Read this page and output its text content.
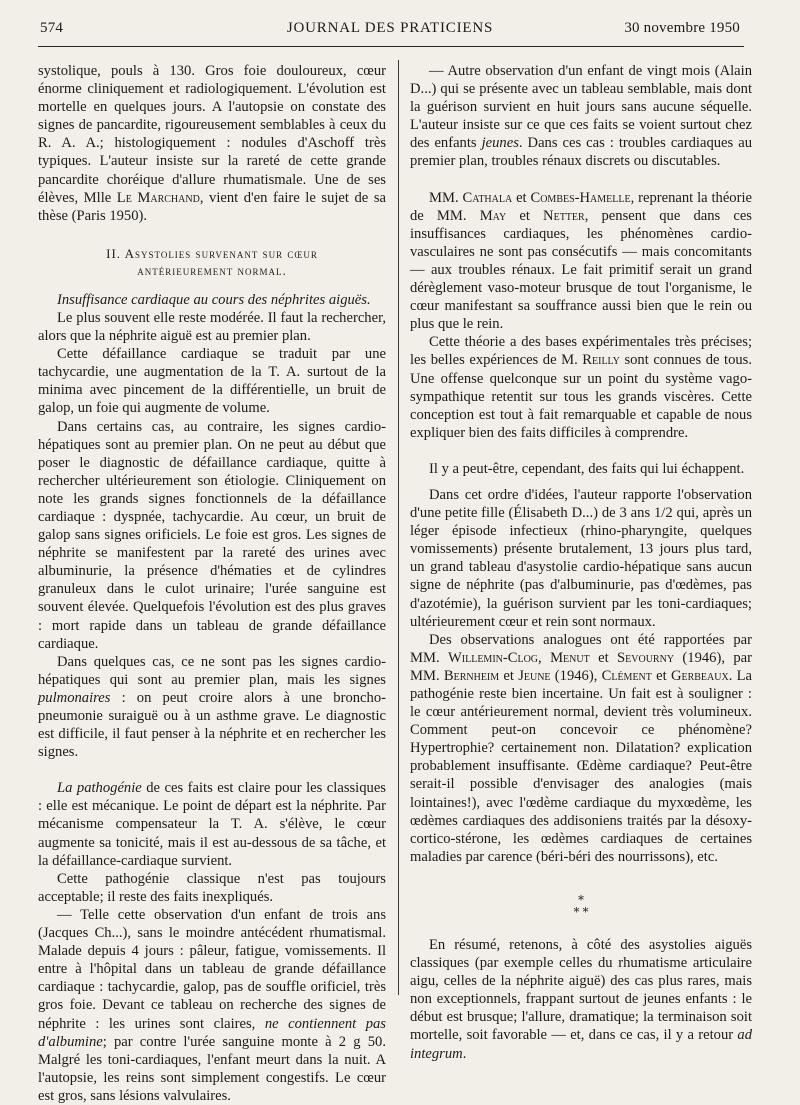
574	JOURNAL DES PRATICIENS	30 novembre 1950

systolique, pouls à 130. Gros foie douloureux, cœur énorme cliniquement et radiologiquement. L'évolution est mortelle en quelques jours. A l'autopsie on constate des signes de pancardite, rigoureusement semblables à ceux du R. A. A.; histologiquement : nodules d'Aschoff très typiques. L'auteur insiste sur la rareté de cette grande pancardite choréique d'allure rhumatismale. Une de ses élèves, Mlle Le Marchand, vient d'en faire le sujet de sa thèse (Paris 1950).

II. Asystolies survenant sur cœur
antérieurement normal.

Insuffisance cardiaque au cours des néphrites aiguës.

Le plus souvent elle reste modérée. Il faut la rechercher, alors que la néphrite aiguë est au premier plan.

Cette défaillance cardiaque se traduit par une tachycardie, une augmentation de la T. A. surtout de la minima avec pincement de la différentielle, un bruit de galop, un foie qui augmente de volume.

Dans certains cas, au contraire, les signes cardio-hépatiques sont au premier plan. On ne peut au début que poser le diagnostic de défaillance cardiaque, quitte à rechercher ultérieurement son étiologie. Cliniquement on note les grands signes fonctionnels de la défaillance cardiaque : dyspnée, tachycardie. Au cœur, un bruit de galop sans signes orificiels. Le foie est gros. Les signes de néphrite se manifestent par la rareté des urines avec albuminurie, la présence d'hématies et de cylindres granuleux dans le culot urinaire; l'urée sanguine est souvent élevée. Quelquefois l'évolution est des plus graves : mort rapide dans un tableau de grande défaillance cardiaque.

Dans quelques cas, ce ne sont pas les signes cardio-hépatiques qui sont au premier plan, mais les signes pulmonaires : on peut croire alors à une broncho-pneumonie suraiguë ou à un asthme grave. Le diagnostic est difficile, il faut penser à la néphrite et en rechercher les signes.

La pathogénie de ces faits est claire pour les classiques : elle est mécanique. Le point de départ est la néphrite. Par mécanisme compensateur la T. A. s'élève, le cœur augmente sa tonicité, mais il est au-dessous de sa tâche, et la défaillance-cardiaque survient.

Cette pathogénie classique n'est pas toujours acceptable; il reste des faits inexpliqués.

— Telle cette observation d'un enfant de trois ans (Jacques Ch...), sans le moindre antécédent rhumatismal. Malade depuis 4 jours : pâleur, fatigue, vomissements. Il entre à l'hôpital dans un tableau de grande défaillance cardiaque : tachycardie, galop, pas de souffle orificiel, très gros foie. Devant ce tableau on recherche des signes de néphrite : les urines sont claires, ne contiennent pas d'albumine; par contre l'urée sanguine monte à 2 g 50. Malgré les toni-cardiaques, l'enfant meurt dans la nuit. A l'autopsie, les reins sont simplement congestifs. Le cœur est gros, sans lésions valvulaires.

— Autre observation d'un enfant de vingt mois (Alain D...) qui se présente avec un tableau semblable, mais dont la guérison survient en huit jours sans aucune séquelle. L'auteur insiste sur ce que ces faits se voient surtout chez des enfants jeunes. Dans ces cas : troubles cardiaques au premier plan, troubles rénaux discrets ou discutables.

MM. Cathala et Combes-Hamelle, reprenant la théorie de MM. May et Netter, pensent que dans ces insuffisances cardiaques, les phénomènes cardio-vasculaires ne sont pas consécutifs — mais concomitants — aux troubles rénaux. Le fait primitif serait un grand dérèglement vaso-moteur brusque de tout l'organisme, le cœur manifestant sa souffrance aussi bien que le rein ou plus que le rein.

Cette théorie a des bases expérimentales très précises; les belles expériences de M. Reilly sont connues de tous. Une offense quelconque sur un point du système vago-sympathique retentit sur tous les grands viscères. Cette conception est tout à fait remarquable et capable de nous expliquer bien des faits difficiles à comprendre.

Il y a peut-être, cependant, des faits qui lui échappent.

Dans cet ordre d'idées, l'auteur rapporte l'observation d'une petite fille (Élisabeth D...) de 3 ans 1/2 qui, après un léger épisode infectieux (rhino-pharyngite, quelques vomissements) présente brutalement, 13 jours plus tard, un grand tableau d'asystolie cardio-hépatique sans aucun signe de néphrite (pas d'albuminurie, pas d'œdèmes, pas d'azotémie), la guérison survient par les toni-cardiaques; ultérieurement cœur et rein sont normaux.

Des observations analogues ont été rapportées par MM. Willemin-Clog, Menut et Sevourny (1946), par MM. Bernheim et Jeune (1946), Clément et Gerbeaux. La pathogénie reste bien incertaine. Un fait est à souligner : le cœur antérieurement normal, devient très volumineux. Comment peut-on concevoir ce phénomène? Hypertrophie? certainement non. Dilatation? explication probablement insuffisante. Œdème cardiaque? Peut-être serait-il possible d'envisager des analogies (mais lointaines!), avec l'œdème cardiaque du myxœdème, les œdèmes cardiaques des addisoniens traités par la désoxy-cortico-stérone, les œdèmes cardiaques de certaines maladies par carence (béri-béri des nourrissons), etc.

⁎
⁎ ⁎

En résumé, retenons, à côté des asystolies aiguës classiques (par exemple celles du rhumatisme articulaire aigu, celles de la néphrite aiguë) des cas plus rares, mais non exceptionnels, frappant surtout de jeunes enfants : le début est brusque; l'allure, dramatique; la terminaison soit mortelle, soit favorable — et, dans ce cas, il y a retour ad integrum.
